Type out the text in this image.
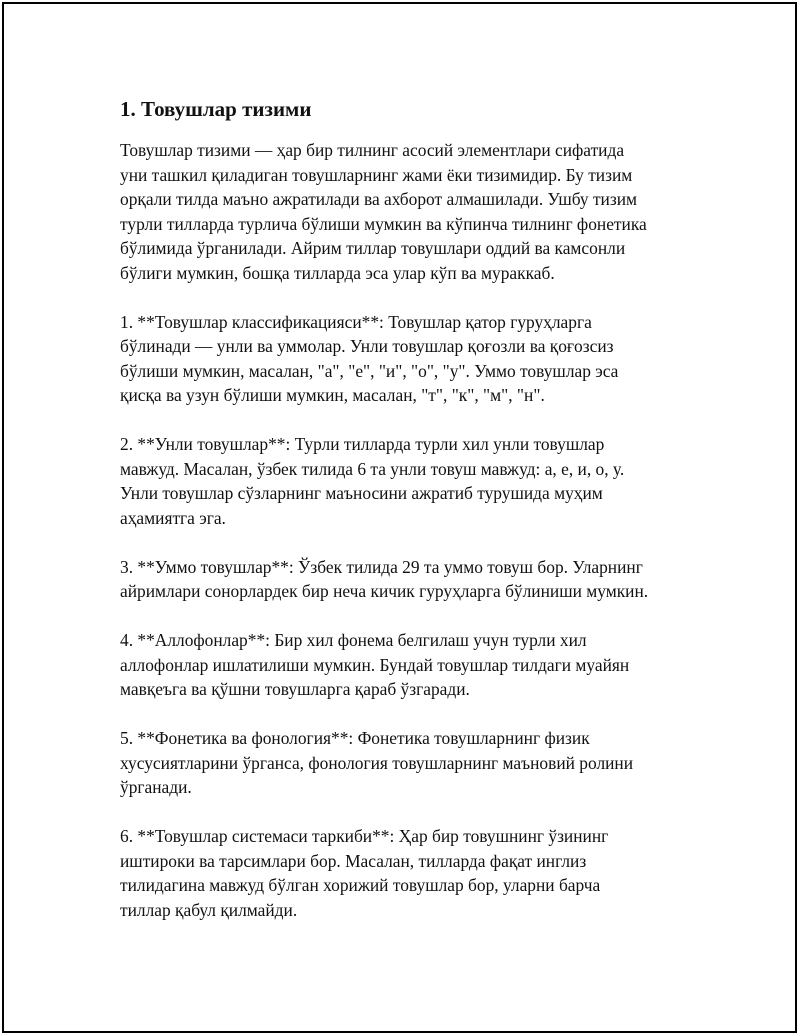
1. Товушлар тизими

Товушлар тизими — ҳар бир тилнинг асосий элементлари сифатида
уни ташкил қиладиган товушларнинг жами ёки тизимидир. Бу тизим
орқали тилда маъно ажратилади ва ахборот алмашилади. Ушбу тизим
турли тилларда турлича бўлиши мумкин ва кўпинча тилнинг фонетика
бўлимида ўрганилади. Айрим тиллар товушлари оддий ва камсонли
бўлиги мумкин, бошқа тилларда эса улар кўп ва мураккаб.

1. **Товушлар классификацияси**: Товушлар қатор гуруҳларга
бўлинади — унли ва уммолар. Унли товушлар қоғозли ва қоғозсиз
бўлиши мумкин, масалан, "а", "е", "и", "о", "у". Уммо товушлар эса
қисқа ва узун бўлиши мумкин, масалан, "т", "к", "м", "н".

2. **Унли товушлар**: Турли тилларда турли хил унли товушлар
мавжуд. Масалан, ўзбек тилида 6 та унли товуш мавжуд: а, е, и, о, у.
Унли товушлар сўзларнинг маъносини ажратиб турушида муҳим
аҳамиятга эга.

3. **Уммо товушлар**: Ўзбек тилида 29 та уммо товуш бор. Уларнинг
айримлари сонорлардек бир неча кичик гуруҳларга бўлиниши мумкин.

4. **Аллофонлар**: Бир хил фонема белгилаш учун турли хил
аллофонлар ишлатилиши мумкин. Бундай товушлар тилдаги муайян
мавқеъга ва қўшни товушларга қараб ўзгаради.

5. **Фонетика ва фонология**: Фонетика товушларнинг физик
хусусиятларини ўрганса, фонология товушларнинг маъновий ролини
ўрганади.

6. **Товушлар системаси таркиби**: Ҳар бир товушнинг ўзининг
иштироки ва тарсимлари бор. Масалан, тилларда фақат инглиз
тилидагина мавжуд бўлган хорижий товушлар бор, уларни барча
тиллар қабул қилмайди.
